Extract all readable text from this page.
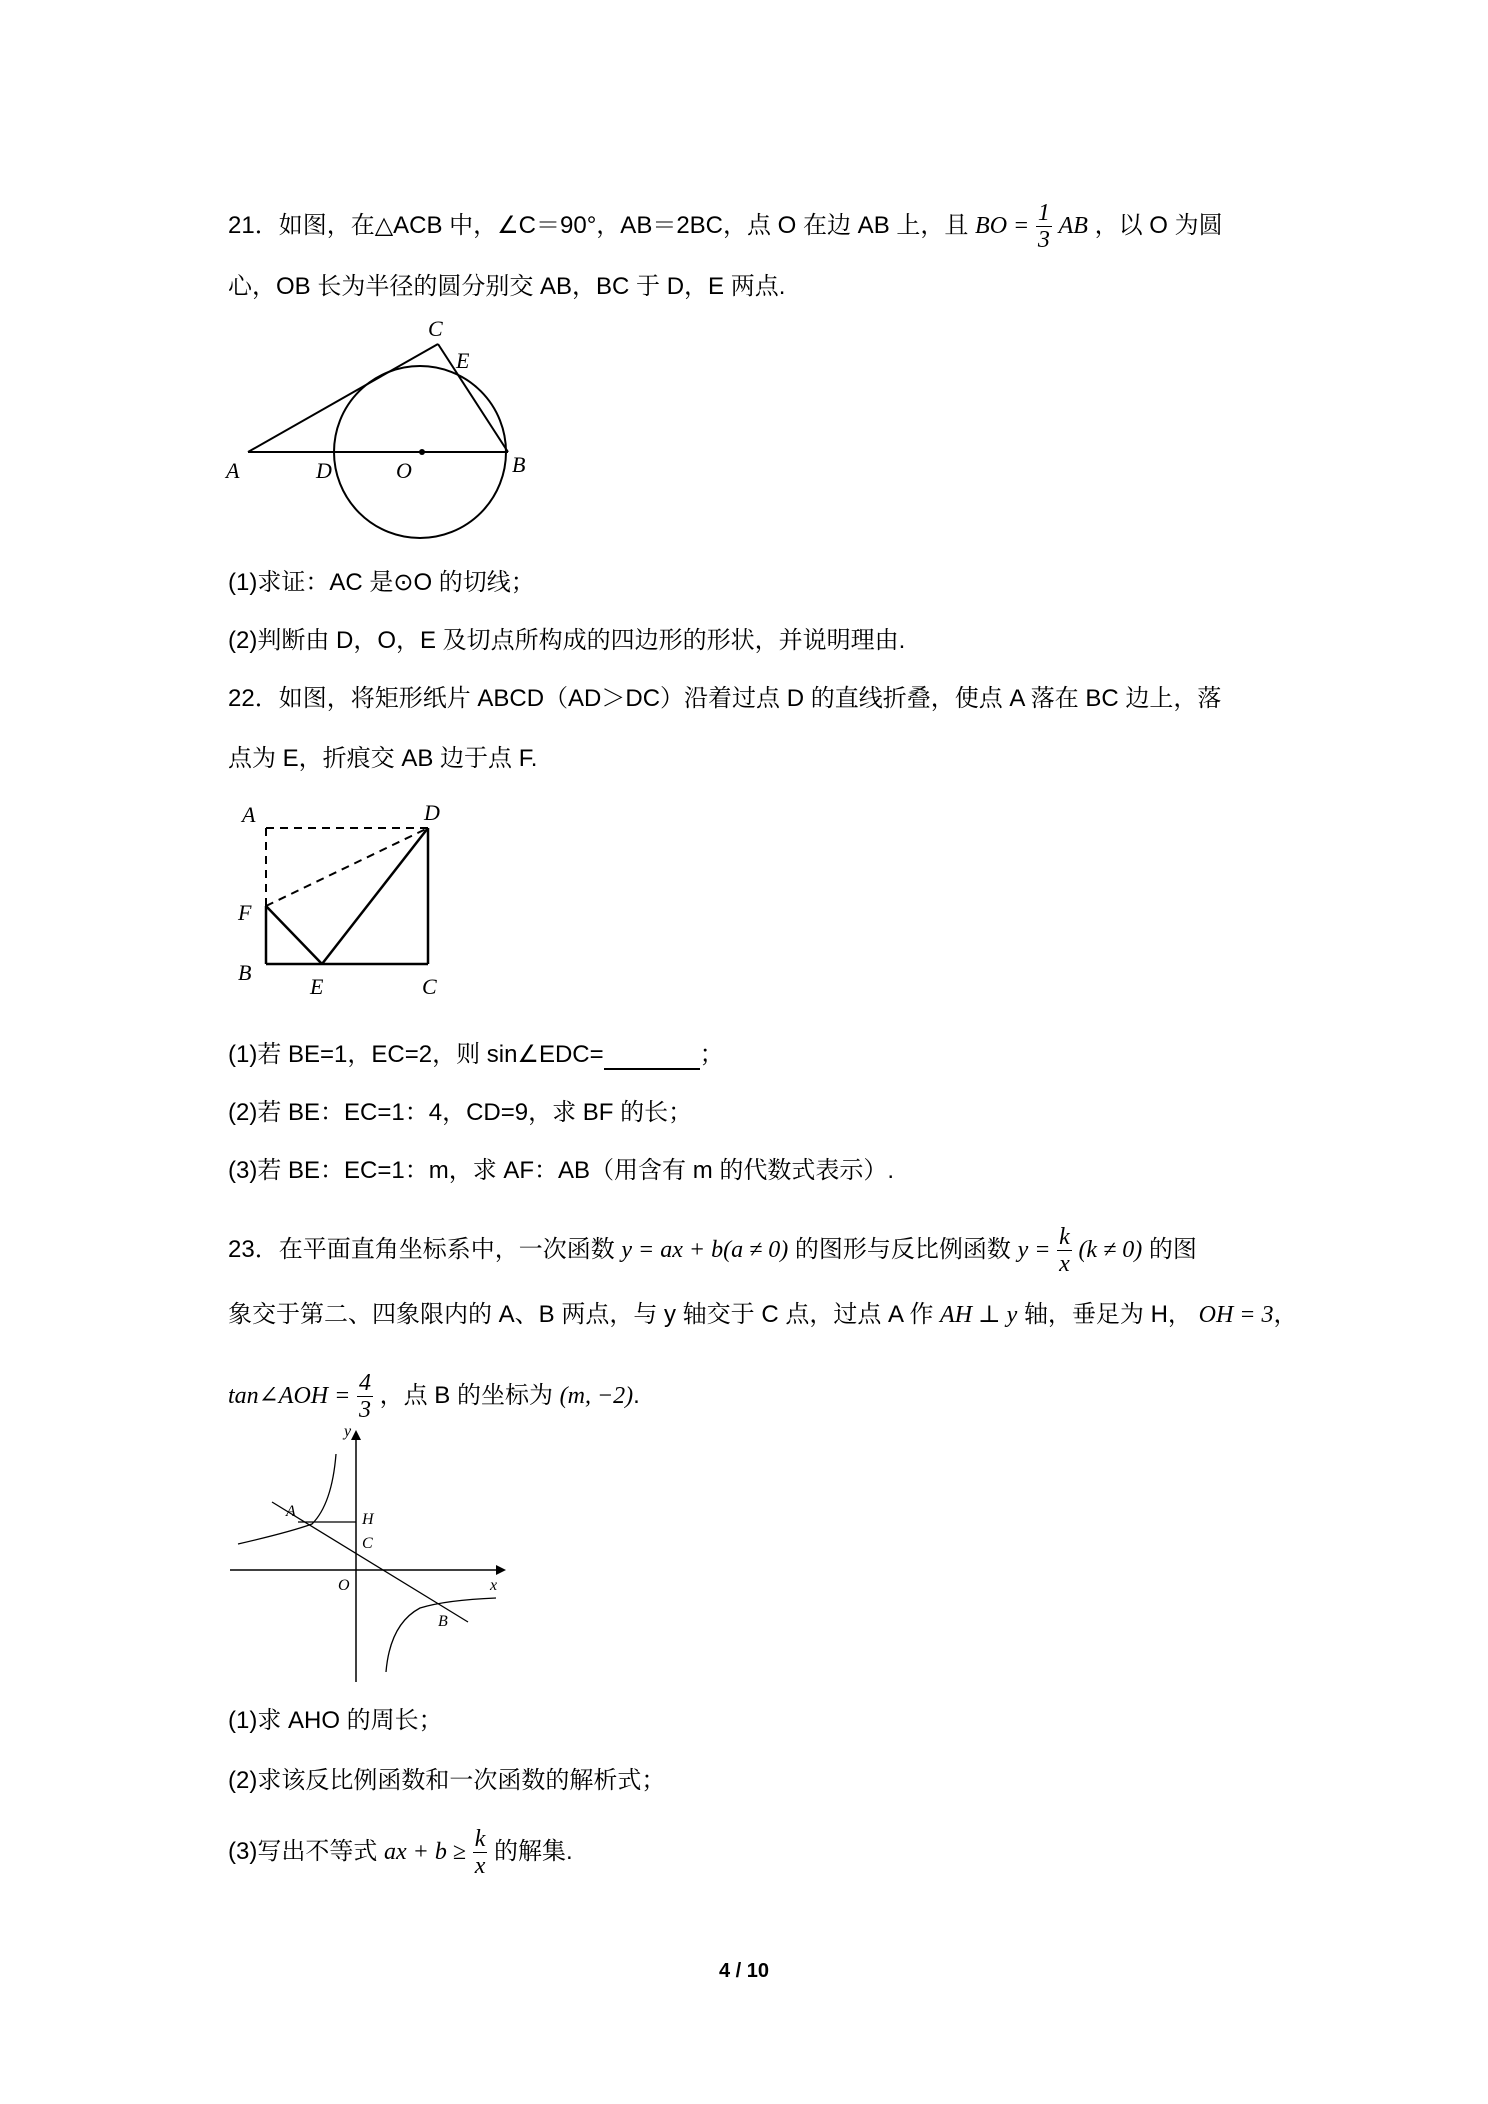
21．如图，在△ACB 中，∠C＝90°，AB＝2BC，点 O 在边 AB 上，且 BO = $\frac{1}{3}$ AB ，以 O 为圆
心，OB 长为半径的圆分别交 AB，BC 于 D，E 两点.
A	D	O	B
C
E
(1)求证：AC 是⊙O 的切线；
(2)判断由 D，O，E 及切点所构成的四边形的形状，并说明理由.
22．如图，将矩形纸片 ABCD（AD＞DC）沿着过点 D 的直线折叠，使点 A 落在 BC 边上，落
点为 E，折痕交 AB 边于点 F.
A	D
F
B
E	C
(1)若 BE=1，EC=2，则 sin∠EDC=	；
(2)若 BE：EC=1：4，CD=9，求 BF 的长；
(3)若 BE：EC=1：m，求 AF：AB（用含有 m 的代数式表示）.
23．在平面直角坐标系中，一次函数 y = ax + b(a ≠ 0) 的图形与反比例函数 $y = \frac{k}{x} (k \ne 0)$ 的图
象交于第二、四象限内的 A、B 两点，与 y 轴交于 C 点，过点 A 作 AH ⊥ y 轴，垂足为 H， OH = 3，
tan∠AOH = $\frac{4}{3}$ ，点 B 的坐标为 (m, −2).
y
x
A	H
C
O
B
(1)求 AHO 的周长；
(2)求该反比例函数和一次函数的解析式；
(3)写出不等式 ax + $b \ge \frac{k}{x}$ 的解集.
4 / 10
